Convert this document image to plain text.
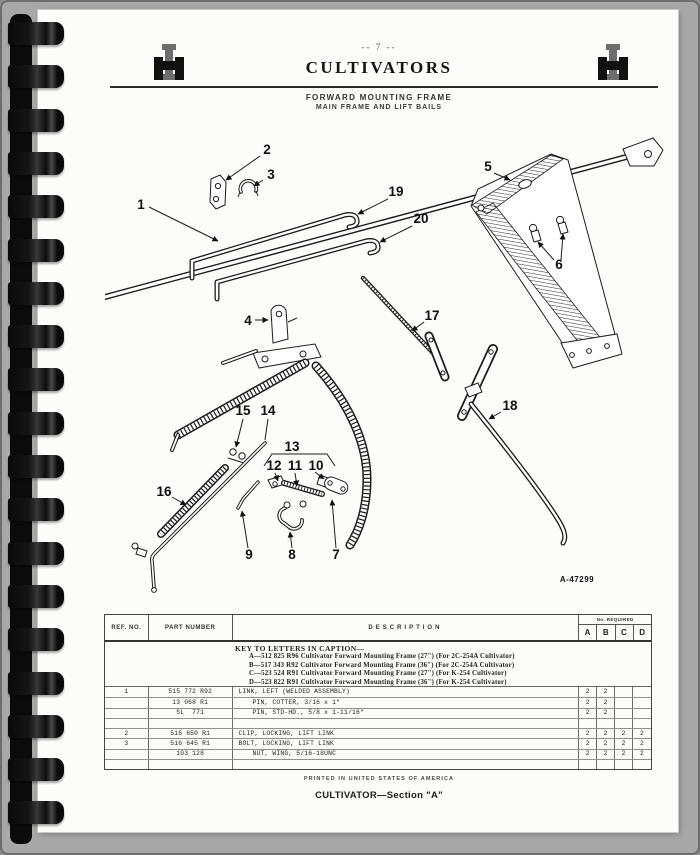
-- 7 --
CULTIVATORS
FORWARD MOUNTING FRAME
MAIN FRAME AND LIFT BAILS
1
2
3
4
5
6
7
8
9
10
11
12
13
14
15
16
17
18
19
20
A-47299
REF. NO.	PART NUMBER	DESCRIPTION
No. REQUIRED
A	B	C	D
KEY TO LETTERS IN CAPTION—
A—512 825 R96 Cultivator Forward Mounting Frame (27") (For 2C-254A Cultivator)
B—517 343 R92 Cultivator Forward Mounting Frame (36") (For 2C-254A Cultivator)
C—523 524 R91 Cultivator Forward Mounting Frame (27") (For K-254 Cultivator)
D—523 822 R91 Cultivator Forward Mounting Frame (36") (For K-254 Cultivator)
1	515 772 R92	LINK, LEFT (WELDED ASSEMBLY)	2	2
13 068 R1	PIN, COTTER, 3/16 x 1"	2	2
SL  771	PIN, STD-HD., 5/8 x 1-11/16"	2	2
2	516 650 R1	CLIP, LOCKING, LIFT LINK	2	2	2	2
3	516 645 R1	BOLT, LOCKING, LIFT LINK	2	2	2	2
103 128	NUT, WING, 5/16-18UNC	2	2	2	2
PRINTED IN UNITED STATES OF AMERICA
CULTIVATOR—Section "A"
